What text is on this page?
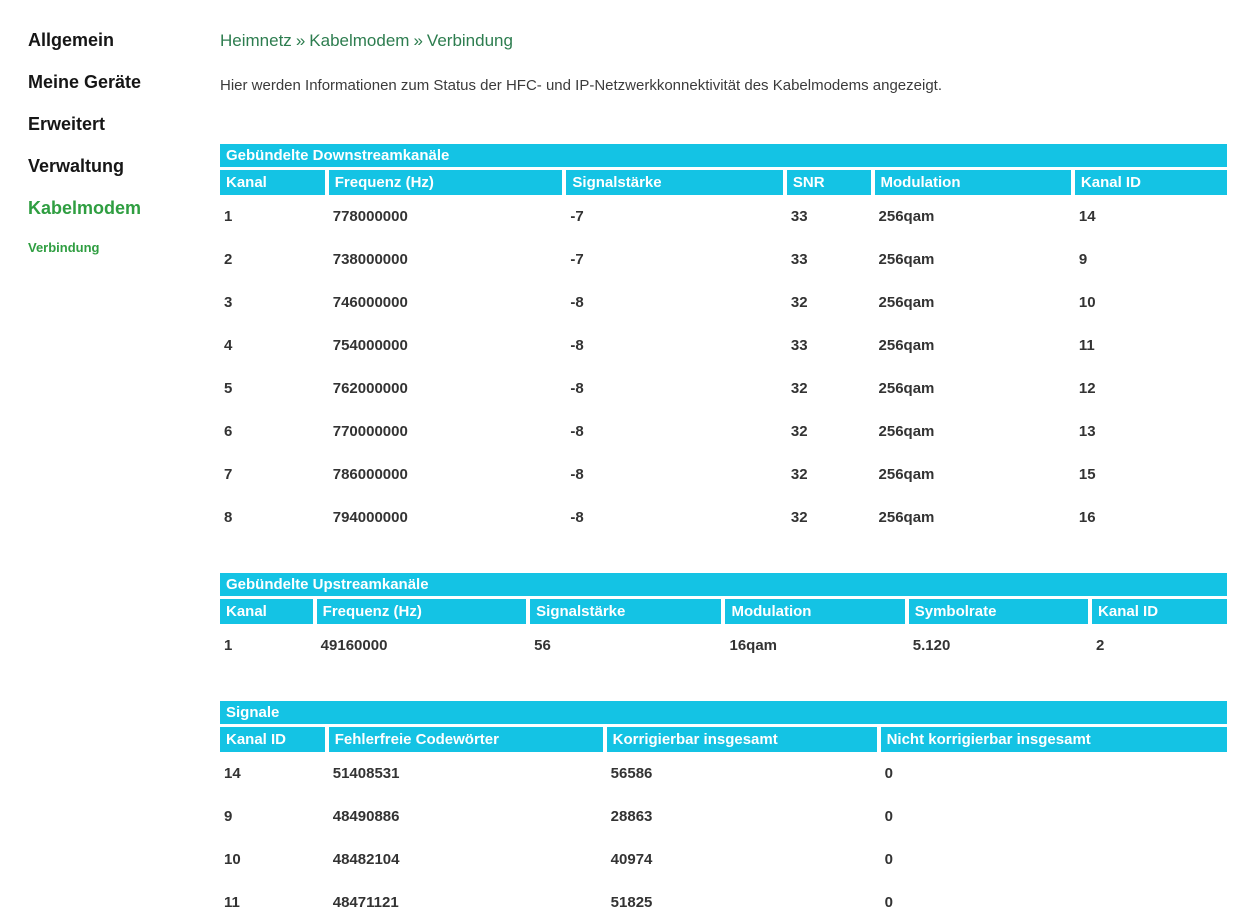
Allgemein
Meine Geräte
Erweitert
Verwaltung
Kabelmodem
Verbindung
Heimnetz » Kabelmodem » Verbindung
Hier werden Informationen zum Status der HFC- und IP-Netzwerkkonnektivität des Kabelmodems angezeigt.
Gebündelte Downstreamkanäle
Kanal	Frequenz (Hz)	Signalstärke	SNR	Modulation	Kanal ID
1	778000000	-7	33	256qam	14
2	738000000	-7	33	256qam	9
3	746000000	-8	32	256qam	10
4	754000000	-8	33	256qam	11
5	762000000	-8	32	256qam	12
6	770000000	-8	32	256qam	13
7	786000000	-8	32	256qam	15
8	794000000	-8	32	256qam	16
Gebündelte Upstreamkanäle
Kanal	Frequenz (Hz)	Signalstärke	Modulation	Symbolrate	Kanal ID
1	49160000	56	16qam	5.120	2
Signale
Kanal ID	Fehlerfreie Codewörter	Korrigierbar insgesamt	Nicht korrigierbar insgesamt
14	51408531	56586	0
9	48490886	28863	0
10	48482104	40974	0
11	48471121	51825	0
